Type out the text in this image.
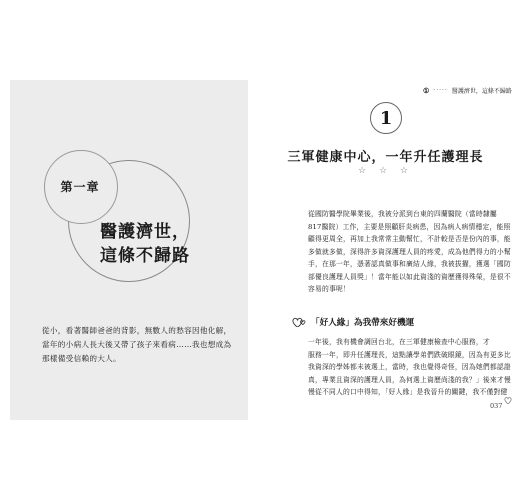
第一章
醫護濟世，
這條不歸路
從小，看著醫師爸爸的背影，無數人的愁容因他化解，
當年的小病人長大後又帶了孩子來看病……我也想成為
那樣備受信賴的大人。
① ····· 醫護濟世，這條不歸路
1
三軍健康中心，一年升任護理長
☆ ☆ ☆
從國防醫學院畢業後，我被分派到台東的四蘭醫院（當時隸屬
817醫院）工作，主要是照顧肝炎病患，因為病人病情穩定，能照
顧得更周全，再加上我常常主動幫忙，不計較是否是份內的事，能
多做就多做，深得許多資深護理人員的疼愛，成為他們得力的小幫
手，在那一年，憑著認真做事和廣結人緣，我被拔擢，獲選「國防
部優良護理人員獎」！當年能以如此資淺的資歷獲得殊榮，是很不
容易的事呢！
「好人緣」為我帶來好機運
一年後，我有機會調回台北，在三軍健康檢查中心服務，才
服務一年，即升任護理長，這點讓學弟們跌破眼鏡，因為有更多比
我資深的學姊都未被選上，當時，我也覺得奇怪，因為她們都認證
真，專業且資深的護理人員，為何選上資歷尚淺的我？」後來才慢
慢從不同人的口中得知，「好人緣」是我晉升的關鍵，我不僅對健
037
